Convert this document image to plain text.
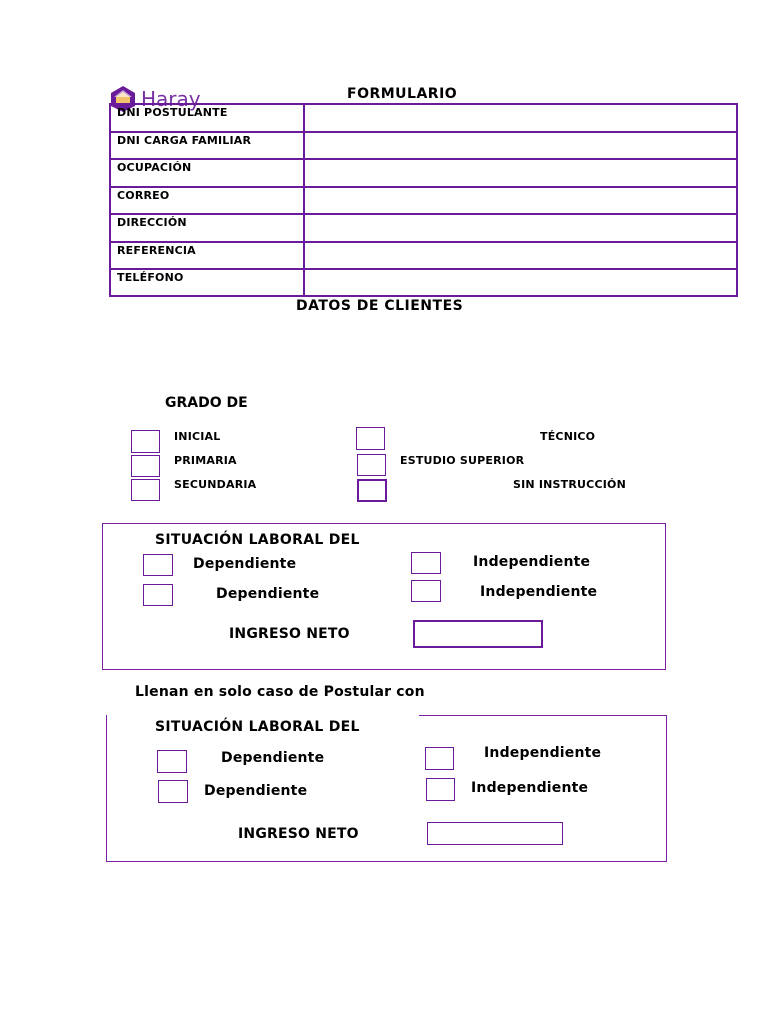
Haray	FORMULARIO
DNI POSTULANTE
DNI CARGA FAMILIAR
OCUPACIÓN
CORREO
DIRECCIÓN
REFERENCIA
TELÉFONO
DATOS DE CLIENTES
GRADO DE
INICIAL
PRIMARIA
SECUNDARIA
TÉCNICO
ESTUDIO SUPERIOR
SIN INSTRUCCIÓN
SITUACIÓN LABORAL DEL
Dependiente	Independiente
Dependiente	Independiente
INGRESO NETO
Llenan en solo caso de Postular con
SITUACIÓN LABORAL DEL
Dependiente	Independiente
Dependiente	Independiente
INGRESO NETO
